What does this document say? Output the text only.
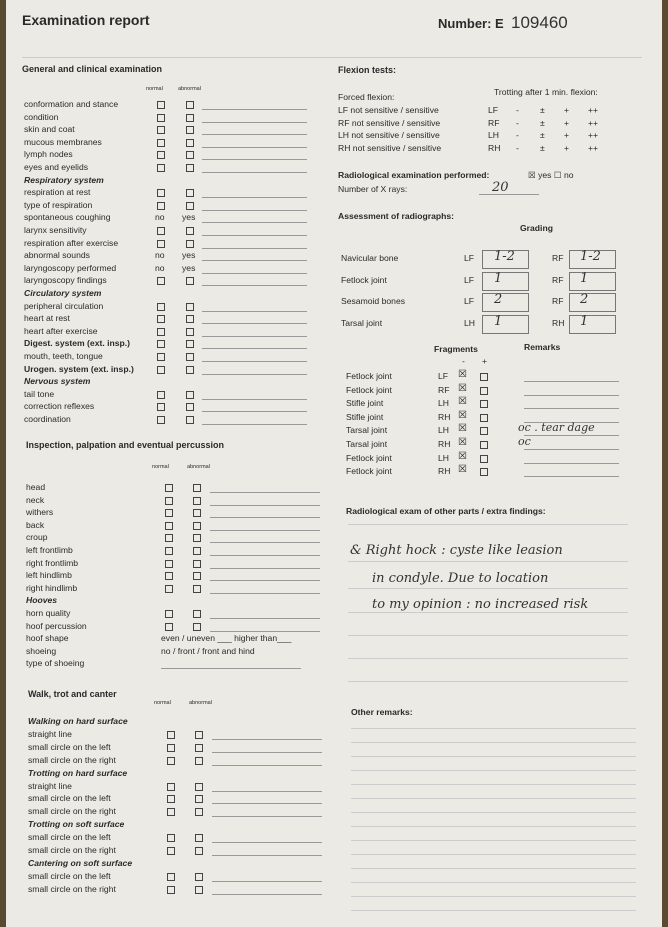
Examination report	Number: E 109460
General and clinical examination
normal	abnormal
conformation and stance
condition
skin and coat
mucous membranes
lymph nodes
eyes and eyelids
Respiratory system
respiration at rest
type of respiration
spontaneous coughing	no yes
larynx sensitivity
respiration after exercise
abnormal sounds	no yes
laryngoscopy performed	no yes
laryngoscopy findings
Circulatory system
peripheral circulation
heart at rest
heart after exercise
Digest. system (ext. insp.)
mouth, teeth, tongue
Urogen. system (ext. insp.)
Nervous system
tail tone
correction reflexes
coordination
Inspection, palpation and eventual percussion
normal	abnormal
head
neck
withers
back
croup
left frontlimb
right frontlimb
left hindlimb
right hindlimb
Hooves
horn quality
hoof percussion
hoof shape	even / uneven ___ higher than___
shoeing	no / front / front and hind
type of shoeing
Walk, trot and canter
normal	abnormal
Walking on hard surface
straight line
small circle on the left
small circle on the right
Trotting on hard surface
straight line
small circle on the left
small circle on the right
Trotting on soft surface
small circle on the left
small circle on the right
Cantering on soft surface
small circle on the left
small circle on the right
Flexion tests:
Trotting after 1 min. flexion:
Forced flexion:
LF not sensitive / sensitive	LF - ± + ++
RF not sensitive / sensitive	RF - ± + ++
LH not sensitive / sensitive	LH - ± + ++
RH not sensitive / sensitive	RH - ± + ++
Radiological examination performed:	☒ yes ☐ no
Number of X rays:	20
Assessment of radiographs:
Grading
Navicular bone	LF 1-2	RF 1-2
Fetlock joint	LF 1	RF 1
Sesamoid bones	LF 2	RF 2
Tarsal joint	LH 1	RH 1
Fragments	Remarks
- +
Fetlock joint	LF ☒
Fetlock joint	RF ☒
Stifle joint	LH ☒
Stifle joint	RH ☒
Tarsal joint	LH ☒	oc . tear dage
Tarsal joint	RH ☒	oc
Fetlock joint	LH ☒
Fetlock joint	RH ☒
Radiological exam of other parts / extra findings:
& Right hock : cyste like leasion
in condyle. Due to location
to my opinion : no increased risk
Other remarks:
